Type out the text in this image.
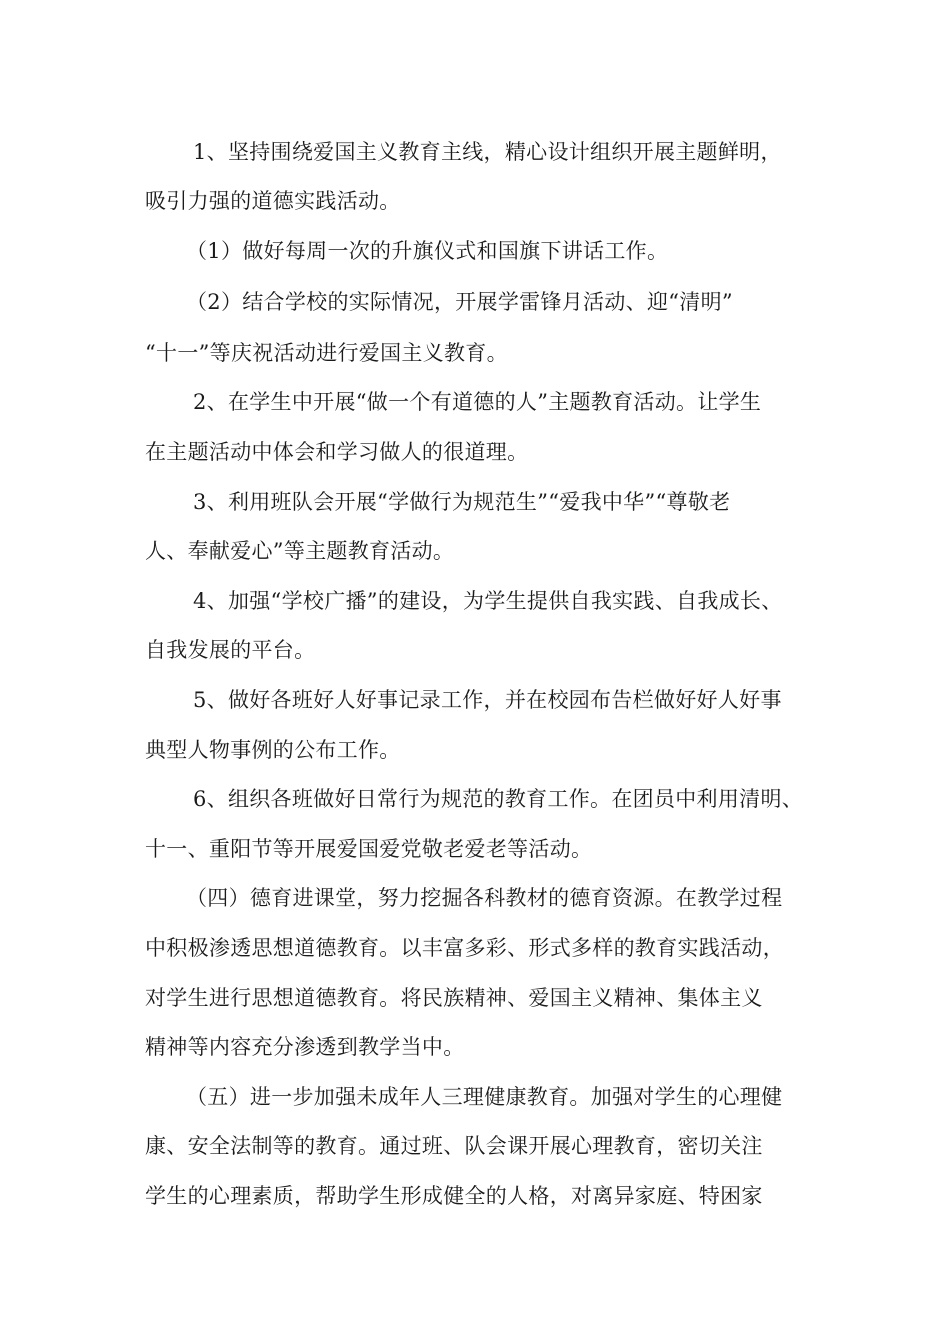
1、坚持围绕爱国主义教育主线，精心设计组织开展主题鲜明，
吸引力强的道德实践活动。
（1）做好每周一次的升旗仪式和国旗下讲话工作。
（2）结合学校的实际情况，开展学雷锋月活动、迎“清明”
“十一”等庆祝活动进行爱国主义教育。
2、在学生中开展“做一个有道德的人”主题教育活动。让学生
在主题活动中体会和学习做人的很道理。
3、利用班队会开展“学做行为规范生”“爱我中华”“尊敬老
人、奉献爱心”等主题教育活动。
4、加强“学校广播”的建设，为学生提供自我实践、自我成长、
自我发展的平台。
5、做好各班好人好事记录工作，并在校园布告栏做好好人好事
典型人物事例的公布工作。
6、组织各班做好日常行为规范的教育工作。在团员中利用清明、
十一、重阳节等开展爱国爱党敬老爱老等活动。
（四）德育进课堂，努力挖掘各科教材的德育资源。在教学过程
中积极渗透思想道德教育。以丰富多彩、形式多样的教育实践活动，
对学生进行思想道德教育。将民族精神、爱国主义精神、集体主义
精神等内容充分渗透到教学当中。
（五）进一步加强未成年人三理健康教育。加强对学生的心理健
康、安全法制等的教育。通过班、队会课开展心理教育，密切关注
学生的心理素质，帮助学生形成健全的人格，对离异家庭、特困家
